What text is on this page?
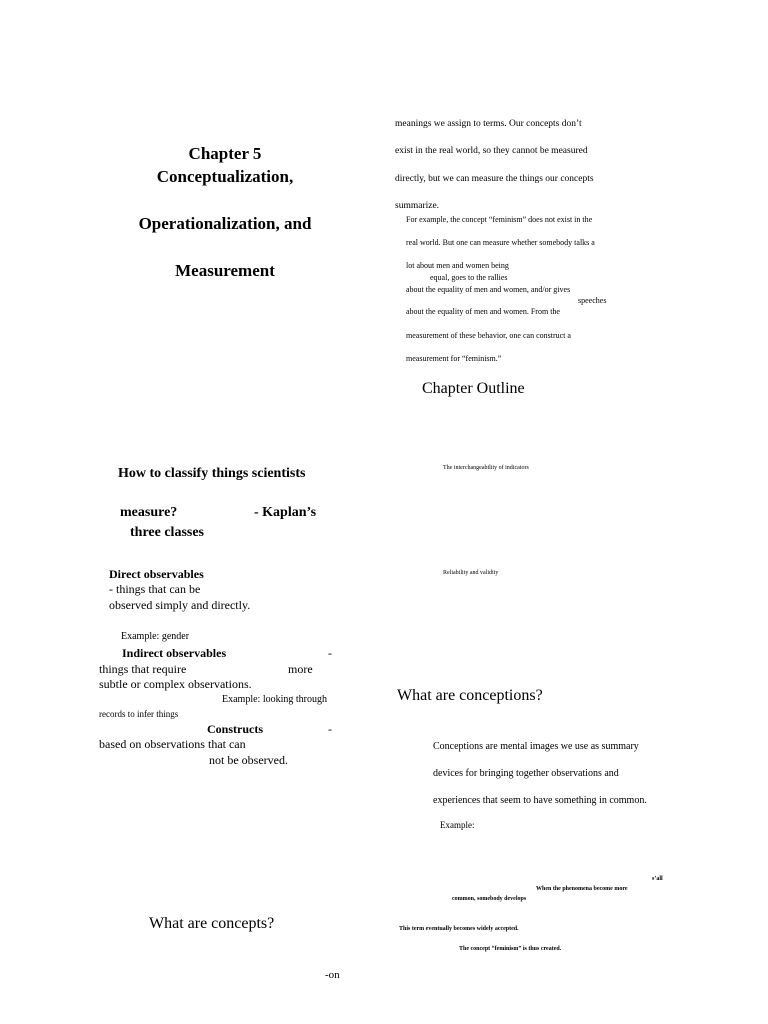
Chapter 5
Conceptualization,
Operationalization, and
Measurement
meanings we assign to terms. Our concepts don’t
exist in the real world, so they cannot be measured
directly, but we can measure the things our concepts
summarize.
For example, the concept “feminism” does not exist in the
real world. But one can measure whether somebody talks a
lot about men and women being
equal, goes to the rallies
about the equality of men and women, and/or gives
speeches
about the equality of men and women. From the
measurement of these behavior, one can construct a
measurement for “feminism.”
Chapter Outline
The interchangeability of indicators
Reliability and validity
How to classify things scientists
measure?	- Kaplan’s
three classes
Direct observables
- things that can be
observed simply and directly.
Example: gender
Indirect observables	-
things that require	more
subtle or complex observations.
Example: looking through
records to infer things
Constructs	-
based on observations that can
not be observed.
What are concepts?
-on
What are conceptions?
Conceptions are mental images we use as summary
devices for bringing together observations and
experiences that seem to have something in common.
Example:
s’all
When the phenomena become more
common, somebody develops
This term eventually becomes widely accepted.
The concept “feminism” is thus created.
